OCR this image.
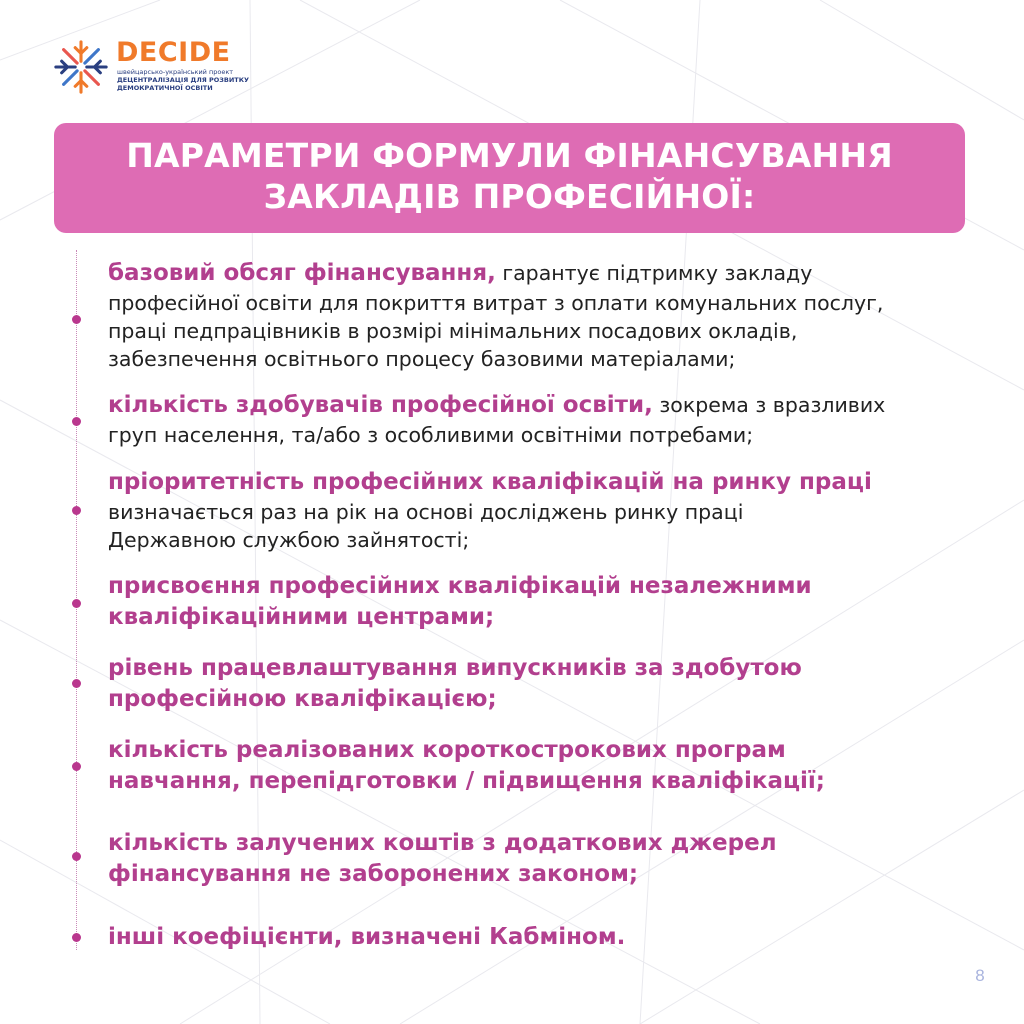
DECIDE
швейцарсько-український проект
ДЕЦЕНТРАЛІЗАЦІЯ ДЛЯ РОЗВИТКУ ДЕМОКРАТИЧНОЇ ОСВІТИ
ПАРАМЕТРИ ФОРМУЛИ ФІНАНСУВАННЯ
ЗАКЛАДІВ ПРОФЕСІЙНОЇ:
базовий обсяг фінансування, гарантує підтримку закладу
професійної освіти для покриття витрат з оплати комунальних послуг,
праці педпрацівників в розмірі мінімальних посадових окладів,
забезпечення освітнього процесу базовими матеріалами;
кількість здобувачів професійної освіти, зокрема з вразливих
груп населення, та/або з особливими освітніми потребами;
пріоритетність професійних кваліфікацій на ринку праці
визначається раз на рік на основі досліджень ринку праці
Державною службою зайнятості;
присвоєння професійних кваліфікацій незалежними
кваліфікаційними центрами;
рівень працевлаштування випускників за здобутою
професійною кваліфікацією;
кількість реалізованих короткострокових програм
навчання, перепідготовки / підвищення кваліфікації;
кількість залучених коштів з додаткових джерел
фінансування не заборонених законом;
інші коефіцієнти, визначені Кабміном.
8
